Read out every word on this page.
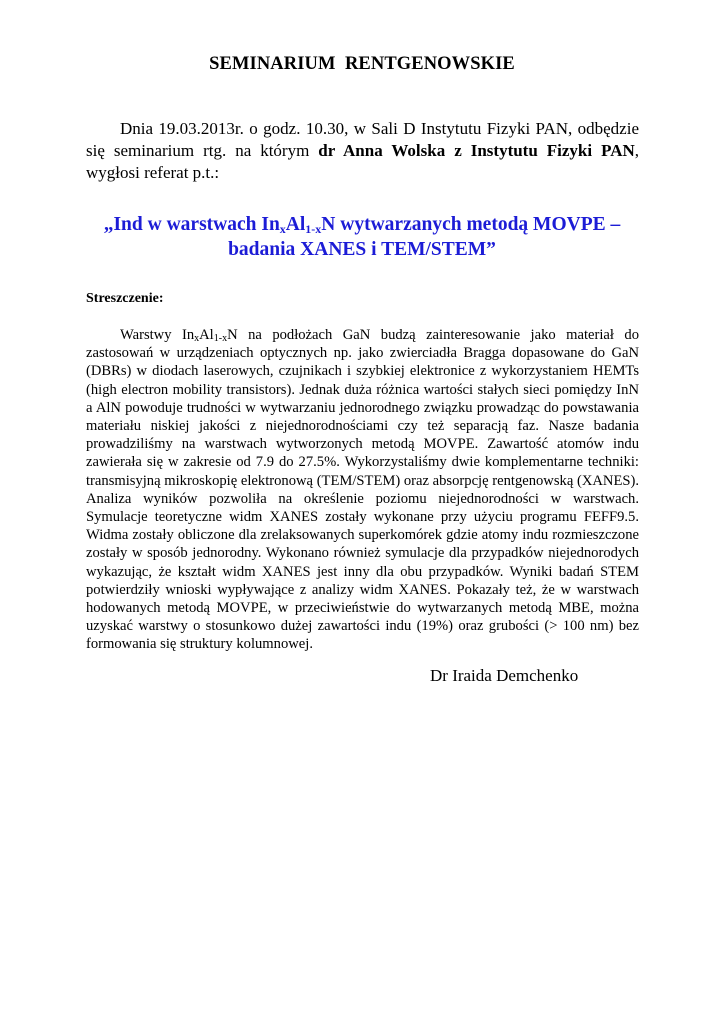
SEMINARIUM  RENTGENOWSKIE
Dnia 19.03.2013r. o godz. 10.30, w Sali D Instytutu Fizyki PAN, odbędzie się seminarium rtg. na którym dr Anna Wolska z Instytutu Fizyki PAN, wygłosi referat p.t.:
„Ind w warstwach $In_xAl_{1-x}N$ wytwarzanych metodą MOVPE –
badania XANES i TEM/STEM”
Streszczenie:
Warstwy $In_xAl_{1-x}N$ na podłożach GaN budzą zainteresowanie jako materiał do zastosowań w urządzeniach optycznych np. jako zwierciadła Bragga dopasowane do GaN (DBRs) w diodach laserowych, czujnikach i szybkiej elektronice z wykorzystaniem HEMTs (high electron mobility transistors). Jednak duża różnica wartości stałych sieci pomiędzy InN a AlN powoduje trudności w wytwarzaniu jednorodnego związku prowadząc do powstawania materiału niskiej jakości z niejednorodnościami czy też separacją faz. Nasze badania prowadziliśmy na warstwach wytworzonych metodą MOVPE. Zawartość atomów indu zawierała się w zakresie od 7.9 do 27.5%. Wykorzystaliśmy dwie komplementarne techniki: transmisyjną mikroskopię elektronową (TEM/STEM) oraz absorpcję rentgenowską (XANES). Analiza wyników pozwoliła na określenie poziomu niejednorodności w warstwach. Symulacje teoretyczne widm XANES zostały wykonane przy użyciu programu FEFF9.5. Widma zostały obliczone dla zrelaksowanych superkomórek gdzie atomy indu rozmieszczone zostały w sposób jednorodny. Wykonano również symulacje dla przypadków niejednorodych wykazując, że kształt widm XANES jest inny dla obu przypadków. Wyniki badań STEM potwierdziły wnioski wypływające z analizy widm XANES. Pokazały też, że w warstwach hodowanych metodą MOVPE, w przeciwieństwie do wytwarzanych metodą MBE, można uzyskać warstwy o stosunkowo dużej zawartości indu (19%) oraz grubości (> 100 nm) bez formowania się struktury kolumnowej.
Dr Iraida Demchenko
